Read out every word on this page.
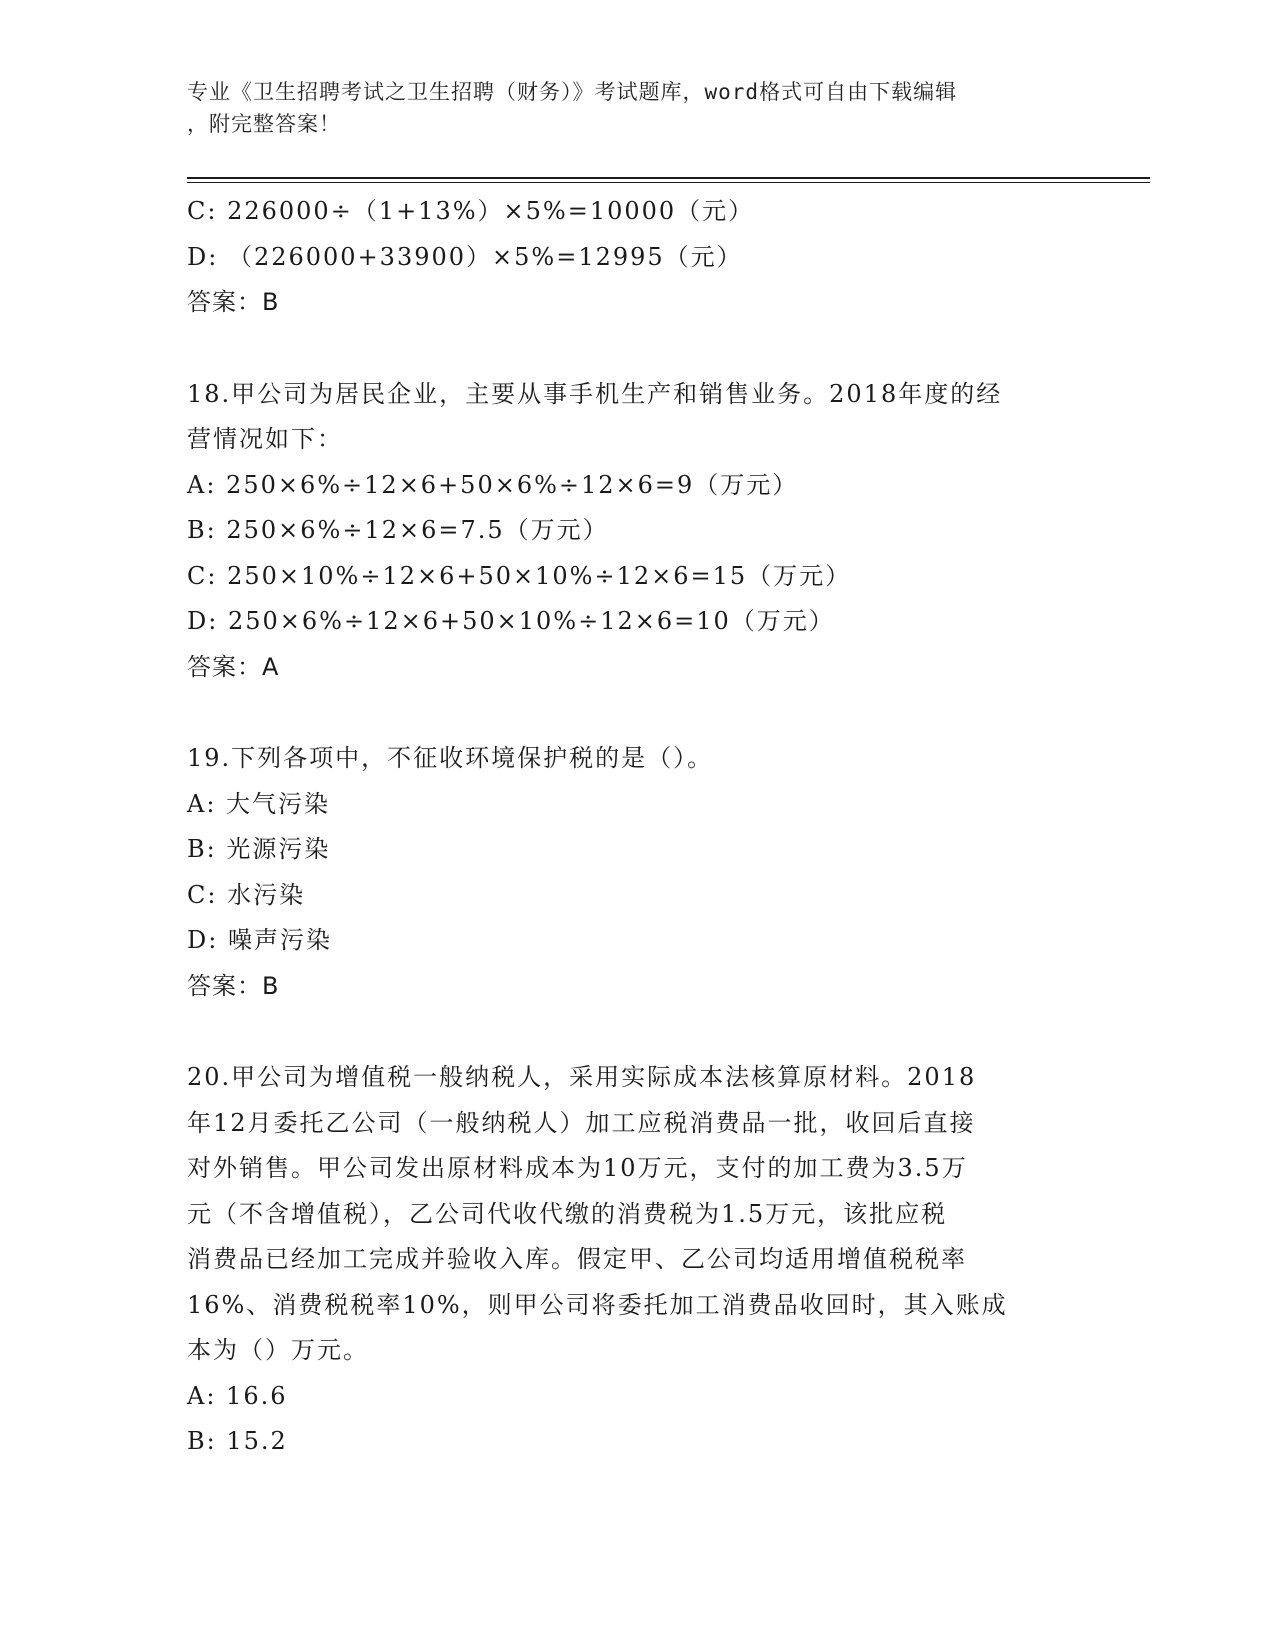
专业《卫生招聘考试之卫生招聘（财务）》考试题库，word格式可自由下载编辑
，附完整答案！
C: 226000÷（1+13%）×5%=10000（元）
D: （226000+33900）×5%=12995（元）
答案：B
18.甲公司为居民企业，主要从事手机生产和销售业务。2018年度的经
营情况如下：
A: 250×6%÷12×6+50×6%÷12×6=9（万元）
B: 250×6%÷12×6=7.5（万元）
C: 250×10%÷12×6+50×10%÷12×6=15（万元）
D: 250×6%÷12×6+50×10%÷12×6=10（万元）
答案：A
19.下列各项中，不征收环境保护税的是（）。
A: 大气污染
B: 光源污染
C: 水污染
D: 噪声污染
答案：B
20.甲公司为增值税一般纳税人，采用实际成本法核算原材料。2018
年12月委托乙公司（一般纳税人）加工应税消费品一批，收回后直接
对外销售。甲公司发出原材料成本为10万元，支付的加工费为3.5万
元（不含增值税），乙公司代收代缴的消费税为1.5万元，该批应税
消费品已经加工完成并验收入库。假定甲、乙公司均适用增值税税率
16%、消费税税率10%，则甲公司将委托加工消费品收回时，其入账成
本为（）万元。
A: 16.6
B: 15.2
